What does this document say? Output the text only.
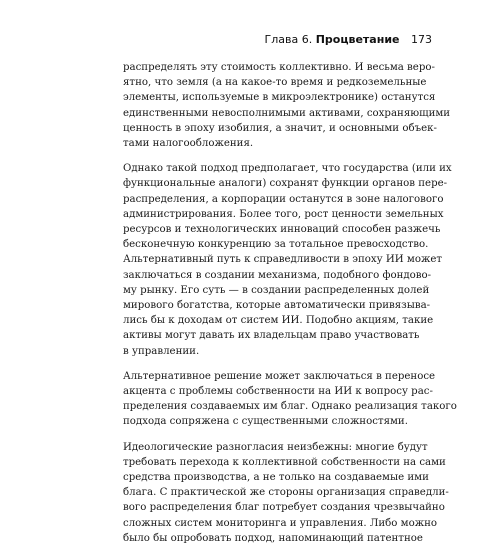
Глава 6. Процветание 173

распределять эту стоимость коллективно. И весьма веро-
ятно, что земля (а на какое-то время и редкоземельные
элементы, используемые в микроэлектронике) останутся
единственными невосполнимыми активами, сохраняющими
ценность в эпоху изобилия, а значит, и основными объек-
тами налогообложения.

Однако такой подход предполагает, что государства (или их
функциональные аналоги) сохранят функции органов пере-
распределения, а корпорации останутся в зоне налогового
администрирования. Более того, рост ценности земельных
ресурсов и технологических инноваций способен разжечь
бесконечную конкуренцию за тотальное превосходство.
Альтернативный путь к справедливости в эпоху ИИ может
заключаться в создании механизма, подобного фондово-
му рынку. Его суть — в создании распределенных долей
мирового богатства, которые автоматически привязыва-
лись бы к доходам от систем ИИ. Подобно акциям, такие
активы могут давать их владельцам право участвовать
в управлении.

Альтернативное решение может заключаться в переносе
акцента с проблемы собственности на ИИ к вопросу рас-
пределения создаваемых им благ. Однако реализация такого
подхода сопряжена с существенными сложностями.

Идеологические разногласия неизбежны: многие будут
требовать перехода к коллективной собственности на сами
средства производства, а не только на создаваемые ими
блага. С практической же стороны организация справедли-
вого распределения благ потребует создания чрезвычайно
сложных систем мониторинга и управления. Либо можно
было бы опробовать подход, напоминающий патентное
